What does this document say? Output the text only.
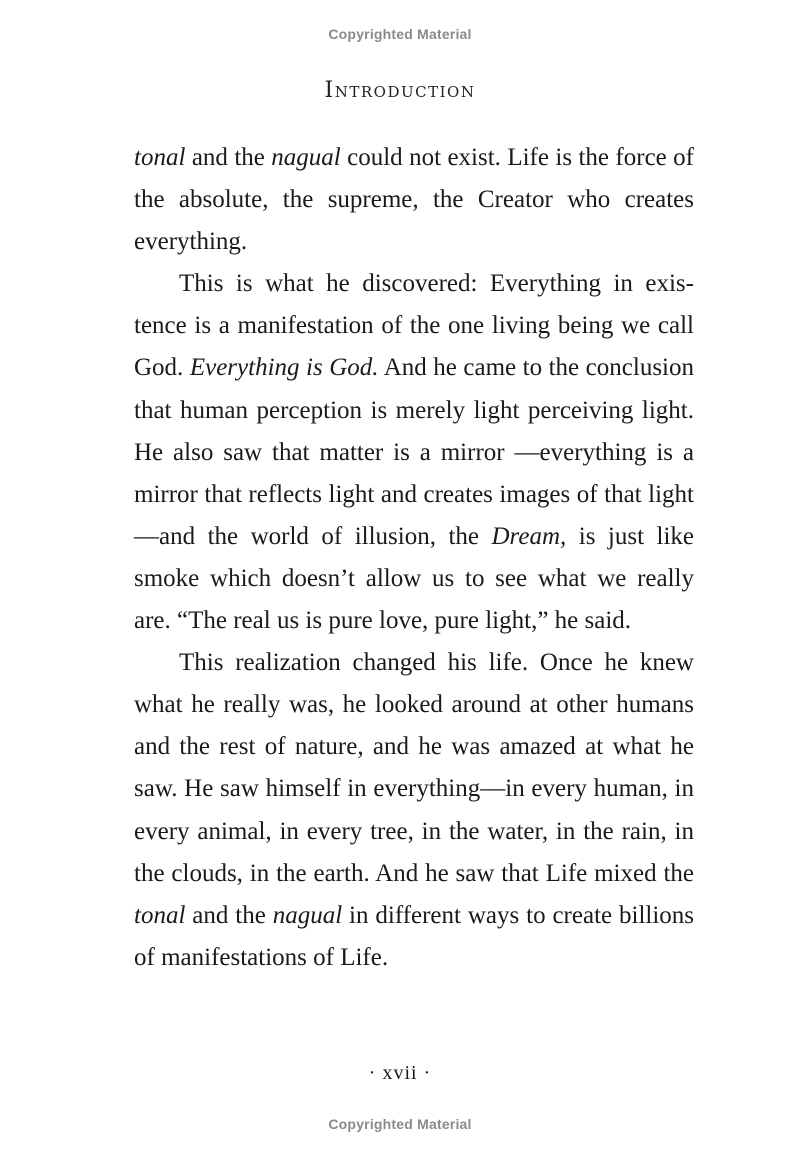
Copyrighted Material
Introduction

tonal and the nagual could not exist. Life is the force of the absolute, the supreme, the Creator who creates everything.

This is what he discovered: Everything in existence is a manifestation of the one living being we call God. Everything is God. And he came to the conclusion that human perception is merely light perceiving light. He also saw that matter is a mirror —everything is a mirror that reflects light and creates images of that light—and the world of illusion, the Dream, is just like smoke which doesn’t allow us to see what we really are. “The real us is pure love, pure light,” he said.

This realization changed his life. Once he knew what he really was, he looked around at other humans and the rest of nature, and he was amazed at what he saw. He saw himself in everything—in every human, in every animal, in every tree, in the water, in the rain, in the clouds, in the earth. And he saw that Life mixed the tonal and the nagual in different ways to create billions of manifestations of Life.

· xvii ·
Copyrighted Material
